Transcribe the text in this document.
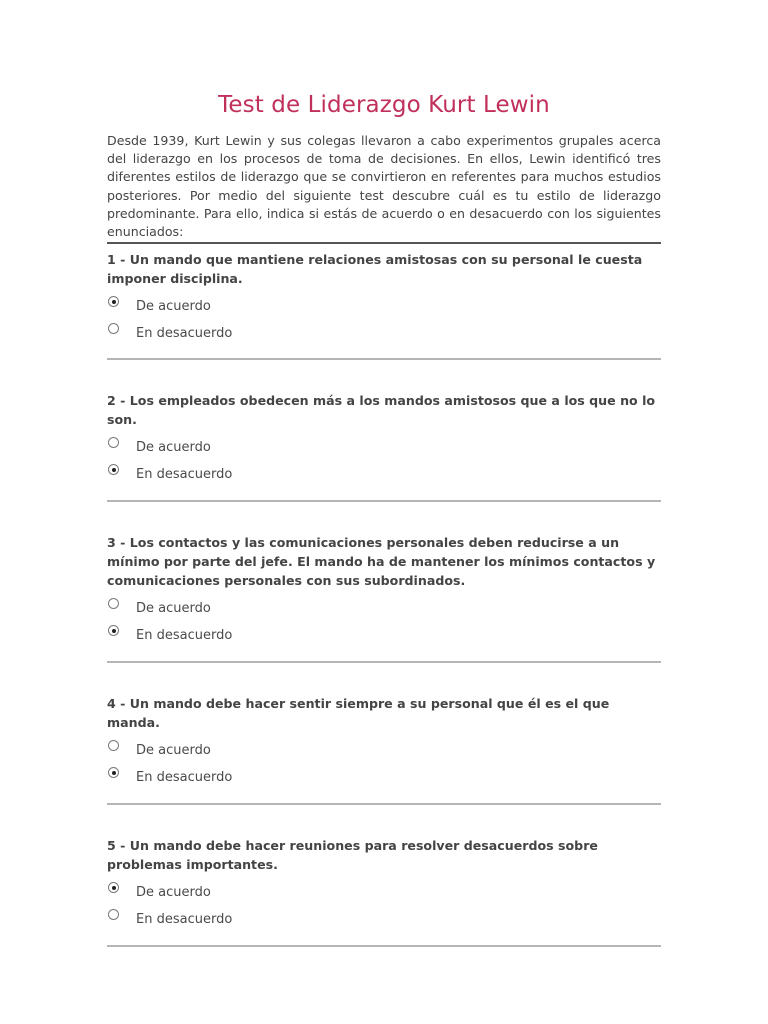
Test de Liderazgo Kurt Lewin

Desde 1939, Kurt Lewin y sus colegas llevaron a cabo experimentos grupales acerca del liderazgo en los procesos de toma de decisiones. En ellos, Lewin identificó tres diferentes estilos de liderazgo que se convirtieron en referentes para muchos estudios posteriores. Por medio del siguiente test descubre cuál es tu estilo de liderazgo predominante. Para ello, indica si estás de acuerdo o en desacuerdo con los siguientes enunciados:

1 - Un mando que mantiene relaciones amistosas con su personal le cuesta imponer disciplina.

De acuerdo
En desacuerdo

2 - Los empleados obedecen más a los mandos amistosos que a los que no lo son.

De acuerdo
En desacuerdo

3 - Los contactos y las comunicaciones personales deben reducirse a un mínimo por parte del jefe. El mando ha de mantener los mínimos contactos y comunicaciones personales con sus subordinados.

De acuerdo
En desacuerdo

4 - Un mando debe hacer sentir siempre a su personal que él es el que manda.

De acuerdo
En desacuerdo

5 - Un mando debe hacer reuniones para resolver desacuerdos sobre problemas importantes.

De acuerdo
En desacuerdo
